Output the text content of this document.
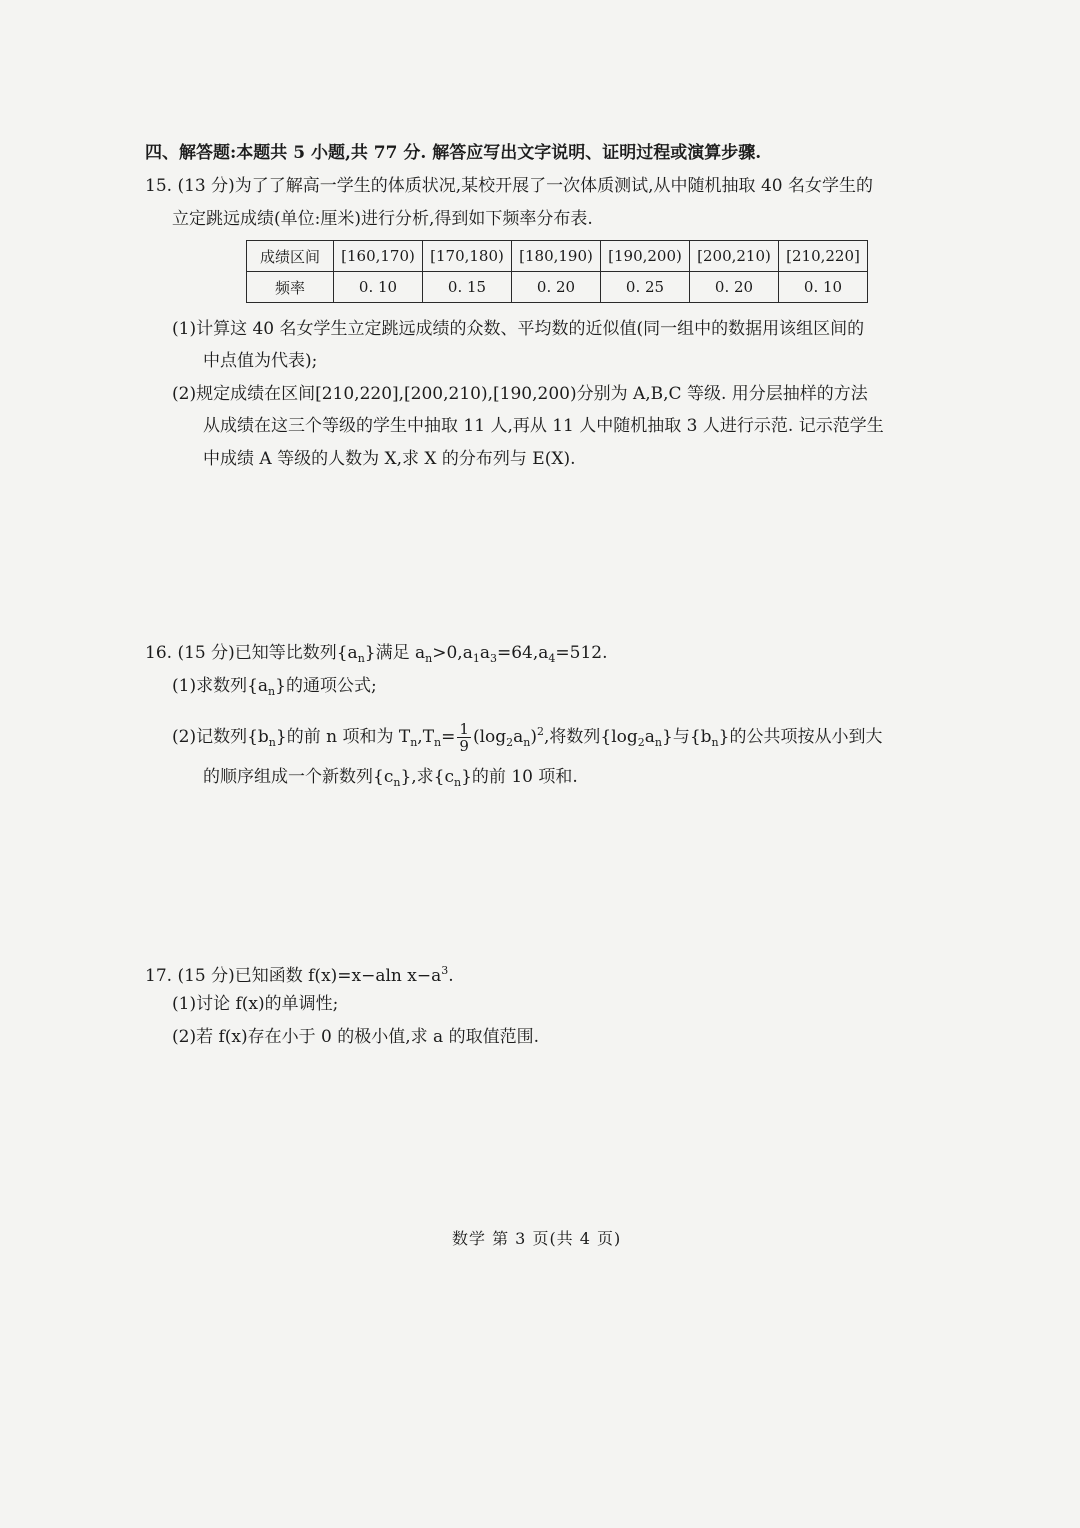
四、解答题:本题共 5 小题,共 77 分. 解答应写出文字说明、证明过程或演算步骤.
15. (13 分)为了了解高一学生的体质状况,某校开展了一次体质测试,从中随机抽取 40 名女学生的
立定跳远成绩(单位:厘米)进行分析,得到如下频率分布表.
成绩区间	[160,170)	[170,180)	[180,190)	[190,200)	[200,210)	[210,220]
频率	0. 10	0. 15	0. 20	0. 25	0. 20	0. 10
(1)计算这 40 名女学生立定跳远成绩的众数、平均数的近似值(同一组中的数据用该组区间的
中点值为代表);
(2)规定成绩在区间[210,220],[200,210),[190,200)分别为 A,B,C 等级. 用分层抽样的方法
从成绩在这三个等级的学生中抽取 11 人,再从 11 人中随机抽取 3 人进行示范. 记示范学生
中成绩 A 等级的人数为 X,求 X 的分布列与 E(X).
16. (15 分)已知等比数列$\{a_n\}$满足 $a_n>0,a_1a_3=64,a_4=512$.
(1)求数列$\{a_n\}$的通项公式;
(2)记数列$\{b_n\}$的前 n 项和为 $T_n,T_n= \frac{1}{9} (\log_2a_n)^2$,将数列$\{\log_2a_n\}$与$\{b_n\}$的公共项按从小到大
的顺序组成一个新数列$\{c_n\}$,求$\{c_n\}$的前 10 项和.
17. (15 分)已知函数 f(x)=x−aln $x-a^3$.
(1)讨论 f(x)的单调性;
(2)若 f(x)存在小于 0 的极小值,求 a 的取值范围.
数学 第 3 页(共 4 页)
